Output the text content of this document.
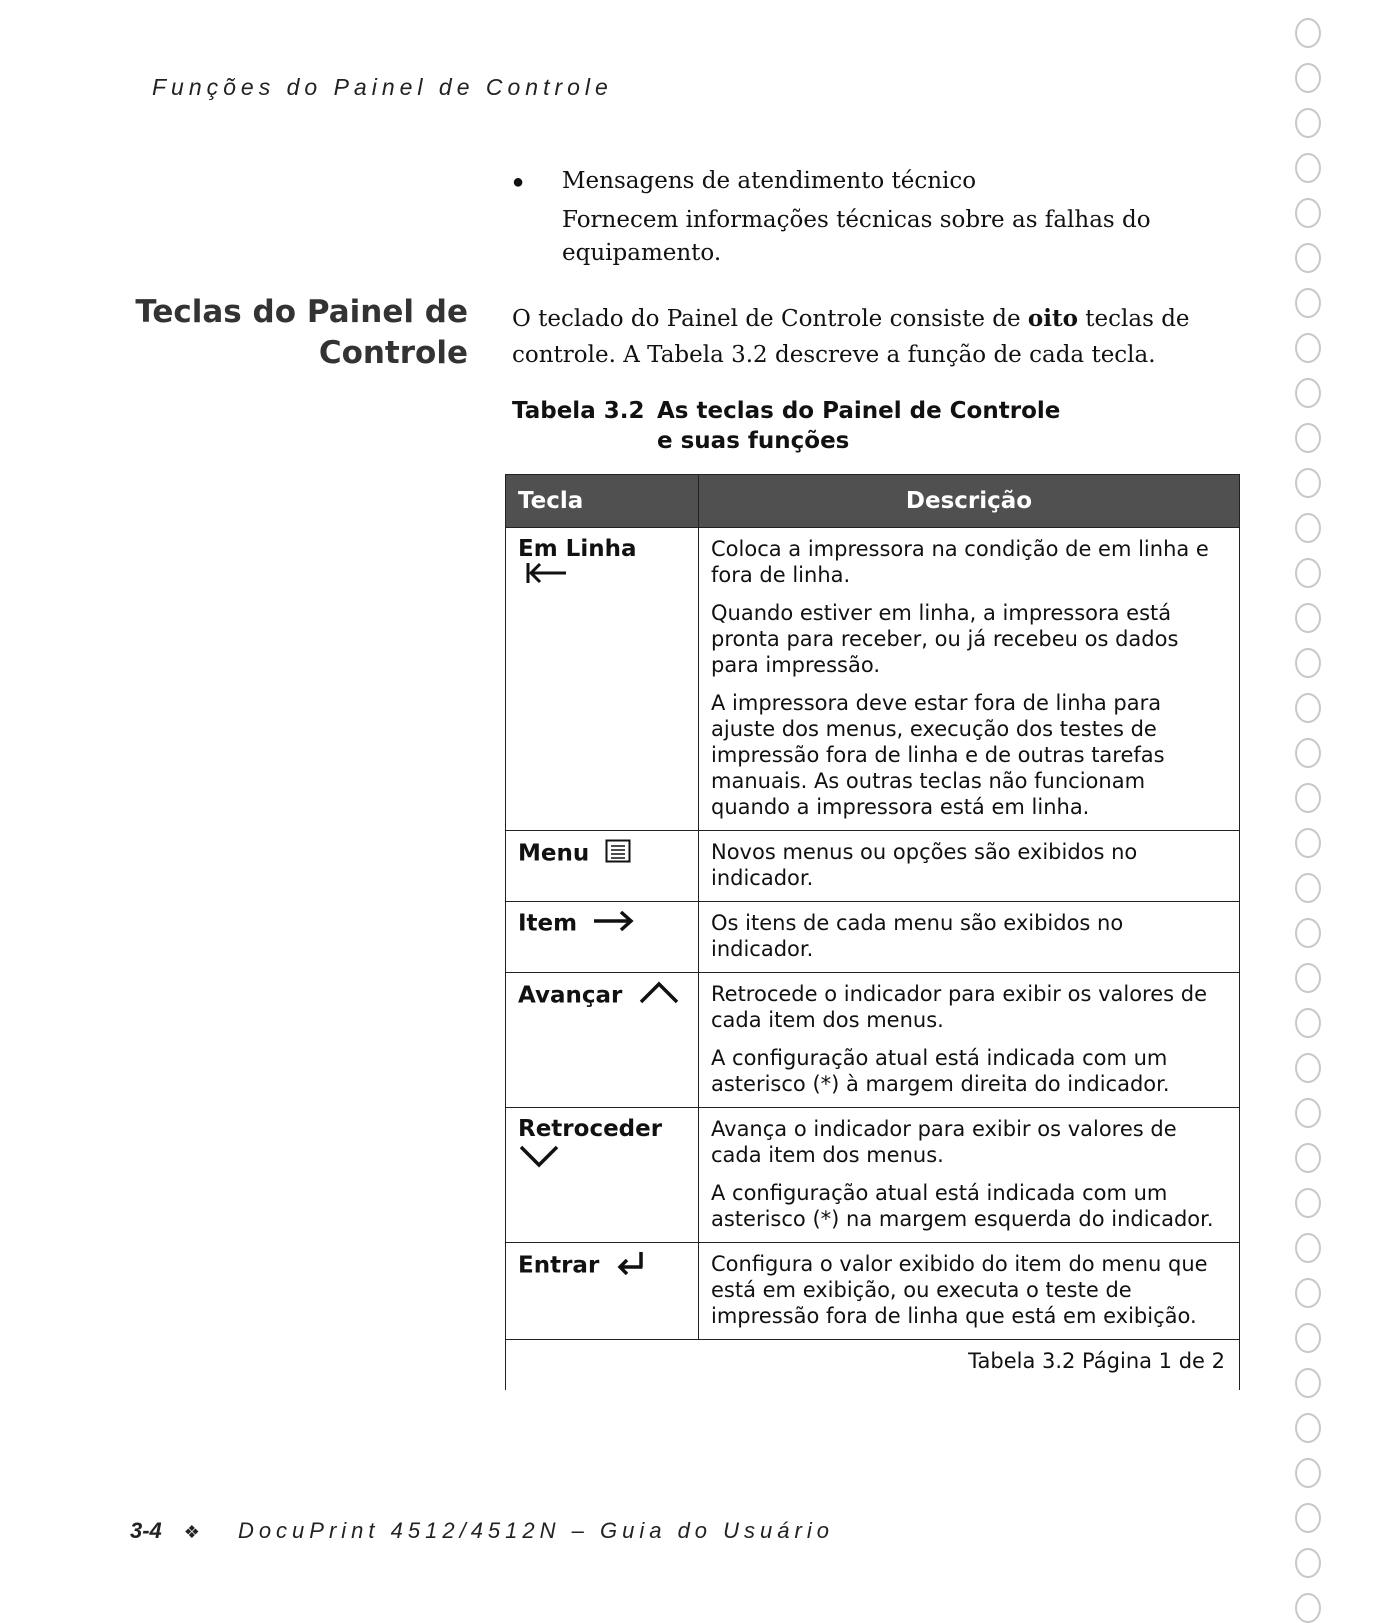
Funções do Painel de Controle
●	Mensagens de atendimento técnico
Fornecem informações técnicas sobre as falhas do equipamento.
Teclas do Painel de
Controle
O teclado do Painel de Controle consiste de oito teclas de controle. A Tabela 3.2 descreve a função de cada tecla.
Tabela 3.2 As teclas do Painel de Controle
e suas funções
Tecla	Descrição
Em Linha	Coloca a impressora na condição de em linha e fora de linha.

Quando estiver em linha, a impressora está pronta para receber, ou já recebeu os dados para impressão.

A impressora deve estar fora de linha para ajuste dos menus, execução dos testes de impressão fora de linha e de outras tarefas manuais. As outras teclas não funcionam quando a impressora está em linha.

Menu	Novos menus ou opções são exibidos no indicador.

Item	Os itens de cada menu são exibidos no indicador.

Avançar	Retrocede o indicador para exibir os valores de cada item dos menus.

A configuração atual está indicada com um asterisco (*) à margem direita do indicador.

Retroceder	Avança o indicador para exibir os valores de cada item dos menus.

A configuração atual está indicada com um asterisco (*) na margem esquerda do indicador.

Entrar	Configura o valor exibido do item do menu que está em exibição, ou executa o teste de impressão fora de linha que está em exibição.

Tabela 3.2 Página 1 de 2	
3-4 ❖ DocuPrint 4512/4512N – Guia do Usuário
